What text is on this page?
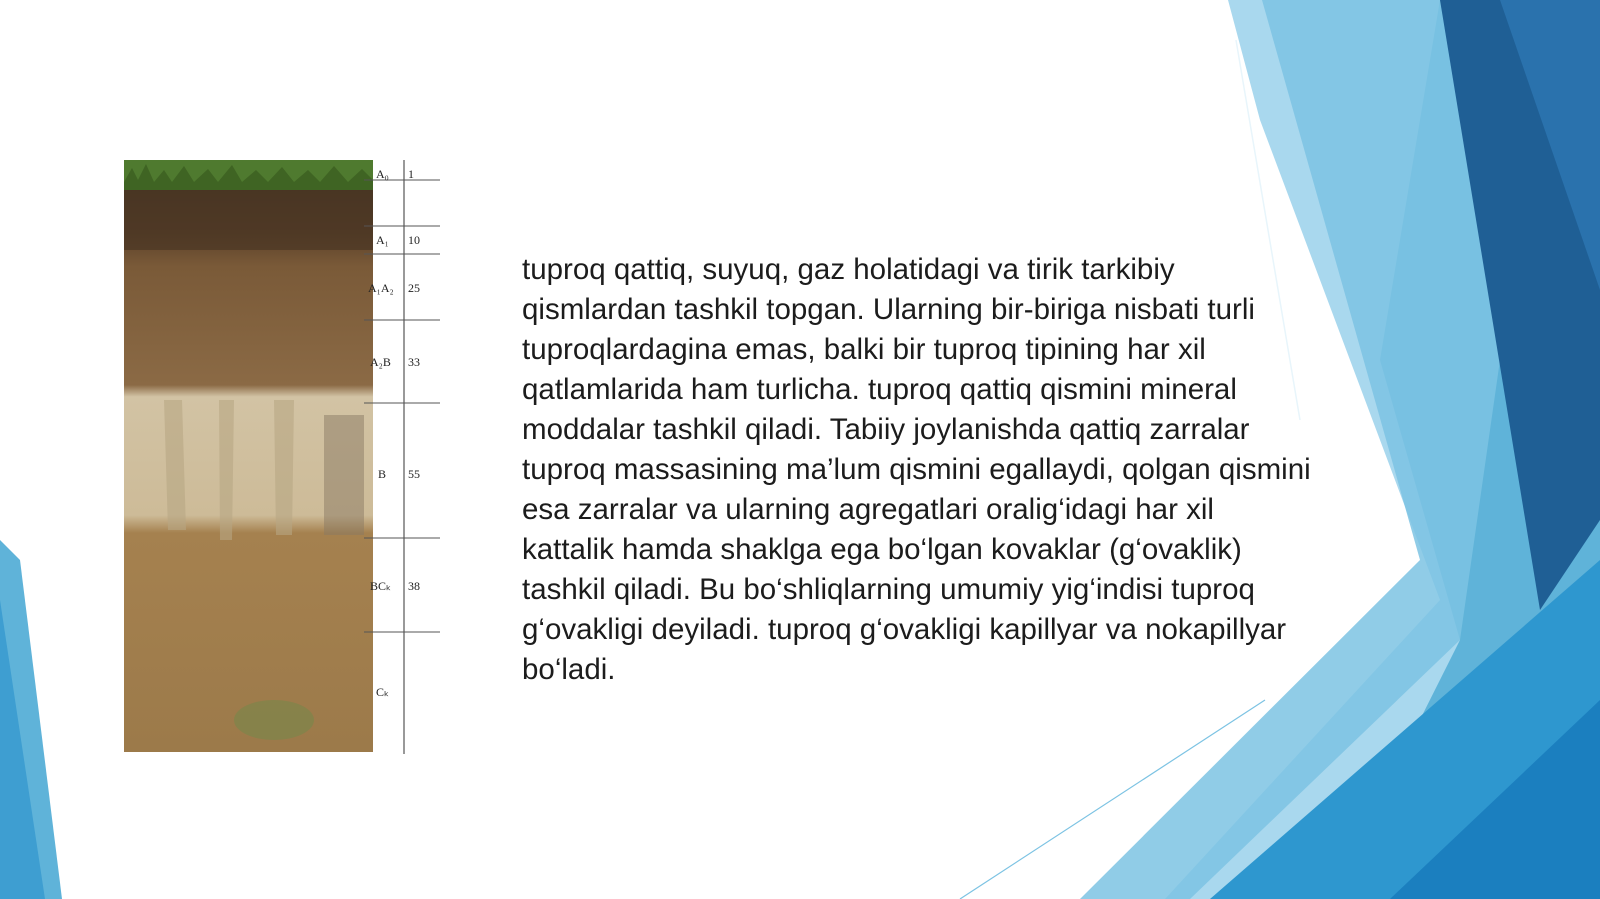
A₀ 1
A₁ 10
A₁A₂ 25
A₂B 33
B 55
BCₖ 38
Cₖ
tuproq qattiq, suyuq, gaz holatidagi va tirik tarkibiy
qismlardan tashkil topgan. Ularning bir-biriga nisbati turli
tuproqlardagina emas, balki bir tuproq tipining har xil
qatlamlarida ham turlicha. tuproq qattiq qismini mineral
moddalar tashkil qiladi. Tabiiy joylanishda qattiq zarralar
tuproq massasining ma’lum qismini egallaydi, qolgan qismini
esa zarralar va ularning agregatlari oralig‘idagi har xil
kattalik hamda shaklga ega bo‘lgan kovaklar (g‘ovaklik)
tashkil qiladi. Bu bo‘shliqlarning umumiy yig‘indisi tuproq
g‘ovakligi deyiladi. tuproq g‘ovakligi kapillyar va nokapillyar
bo‘ladi.
